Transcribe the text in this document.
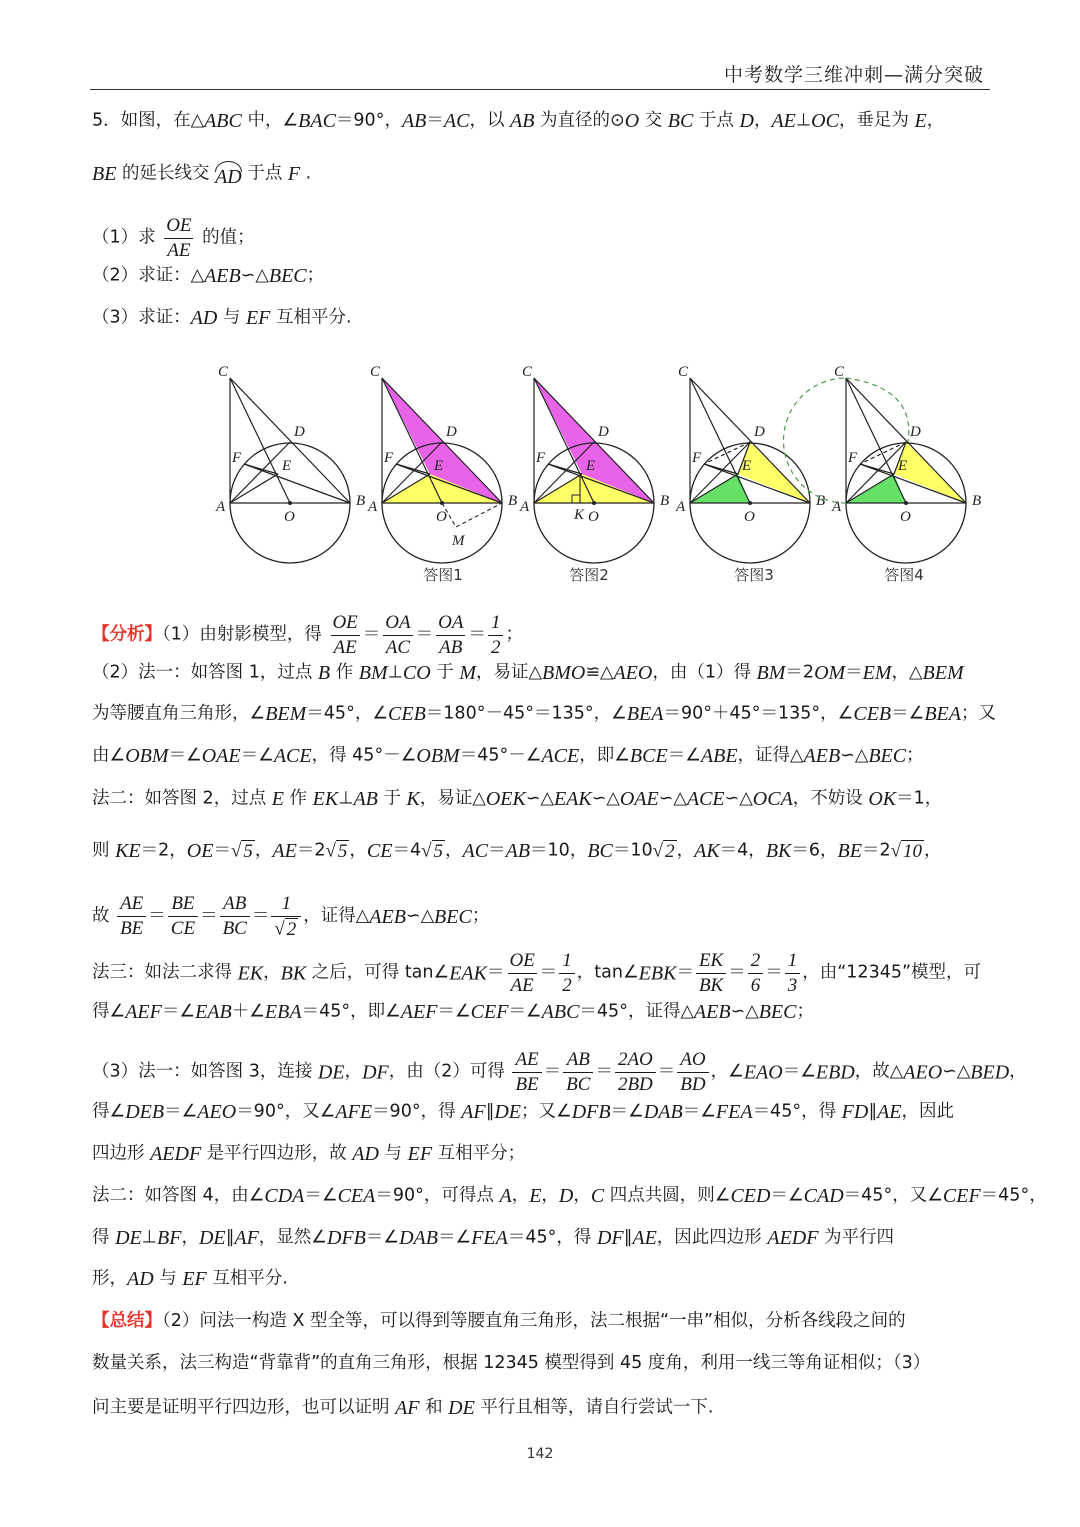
中考数学三维冲刺—满分突破
5．如图，在△ABC 中，∠BAC＝90°，AB＝AC，以 AB 为直径的⊙O 交 BC 于点 D，AE⊥OC，垂足为 E，
BE 的延长线交 AD 于点 F .
（1）求 $\frac{OE}{AE}$ 的值；
（2）求证：△AEB∽△BEC；
（3）求证：AD 与 EF 互相平分.
C
A	B
O
D
E
F
M
C
A	B
O
D
E
F
K
C
A	B
O
D
E
F
C
A	B
O
D
E
F
C
A	B
O
D
E
F
答图1	答图2	答图3	答图4
【分析】（1）由射影模型，得 $\frac{OE}{AE} = \frac{OA}{AC} = \frac{OA}{AB} = \frac{1}{2}$ ；
（2）法一：如答图 1，过点 B 作 BM⊥CO 于 M，易证△BMO≌△AEO，由（1）得 BM＝2OM＝EM，△BEM
为等腰直角三角形，∠BEM＝45°，∠CEB＝180°－45°＝135°，∠BEA＝90°＋45°＝135°，∠CEB＝∠BEA；又
由∠OBM＝∠OAE＝∠ACE，得 45°－∠OBM＝45°－∠ACE，即∠BCE＝∠ABE，证得△AEB∽△BEC；
法二：如答图 2，过点 E 作 EK⊥AB 于 K，易证△OEK∽△EAK∽△OAE∽△ACE∽△OCA，不妨设 OK＝1，
则 KE＝2，OE＝√ 5 ，AE＝2√ 5 ，CE＝4√ 5 ，AC＝AB＝10，BC＝10√ 2 ，AK＝4，BK＝6，BE＝2√ 10 ，
故 $\frac{AE}{BE} = \frac{BE}{CE} = \frac{AB}{BC} = \frac{1}{√ 2}$ ，证得△AEB∽△BEC；
法三：如法二求得 EK，BK 之后，可得 tan∠EAK＝ $\frac{OE}{AE} = \frac{1}{2}$ ，tan∠EBK＝ $\frac{EK}{BK} = \frac{2}{6} = \frac{1}{3}$ ，由“12345”模型，可
得∠AEF＝∠EAB＋∠EBA＝45°，即∠AEF＝∠CEF＝∠ABC＝45°，证得△AEB∽△BEC；
（3）法一：如答图 3，连接 DE，DF，由（2）可得 $\frac{AE}{BE} = \frac{AB}{BC} = \frac{2AO}{2BD} = \frac{AO}{BD}$ ，∠EAO＝∠EBD，故△AEO∽△BED，
得∠DEB＝∠AEO＝90°，又∠AFE＝90°，得 AF∥DE；又∠DFB＝∠DAB＝∠FEA＝45°，得 FD∥AE，因此
四边形 AEDF 是平行四边形，故 AD 与 EF 互相平分；
法二：如答图 4，由∠CDA＝∠CEA＝90°，可得点 A，E，D，C 四点共圆，则∠CED＝∠CAD＝45°，又∠CEF＝45°，
得 DE⊥BF，DE∥AF，显然∠DFB＝∠DAB＝∠FEA＝45°，得 DF∥AE，因此四边形 AEDF 为平行四
形，AD 与 EF 互相平分.
【总结】（2）问法一构造 X 型全等，可以得到等腰直角三角形，法二根据“一串”相似，分析各线段之间的
数量关系，法三构造“背靠背”的直角三角形，根据 12345 模型得到 45 度角，利用一线三等角证相似；（3）
问主要是证明平行四边形，也可以证明 AF 和 DE 平行且相等，请自行尝试一下.
142
